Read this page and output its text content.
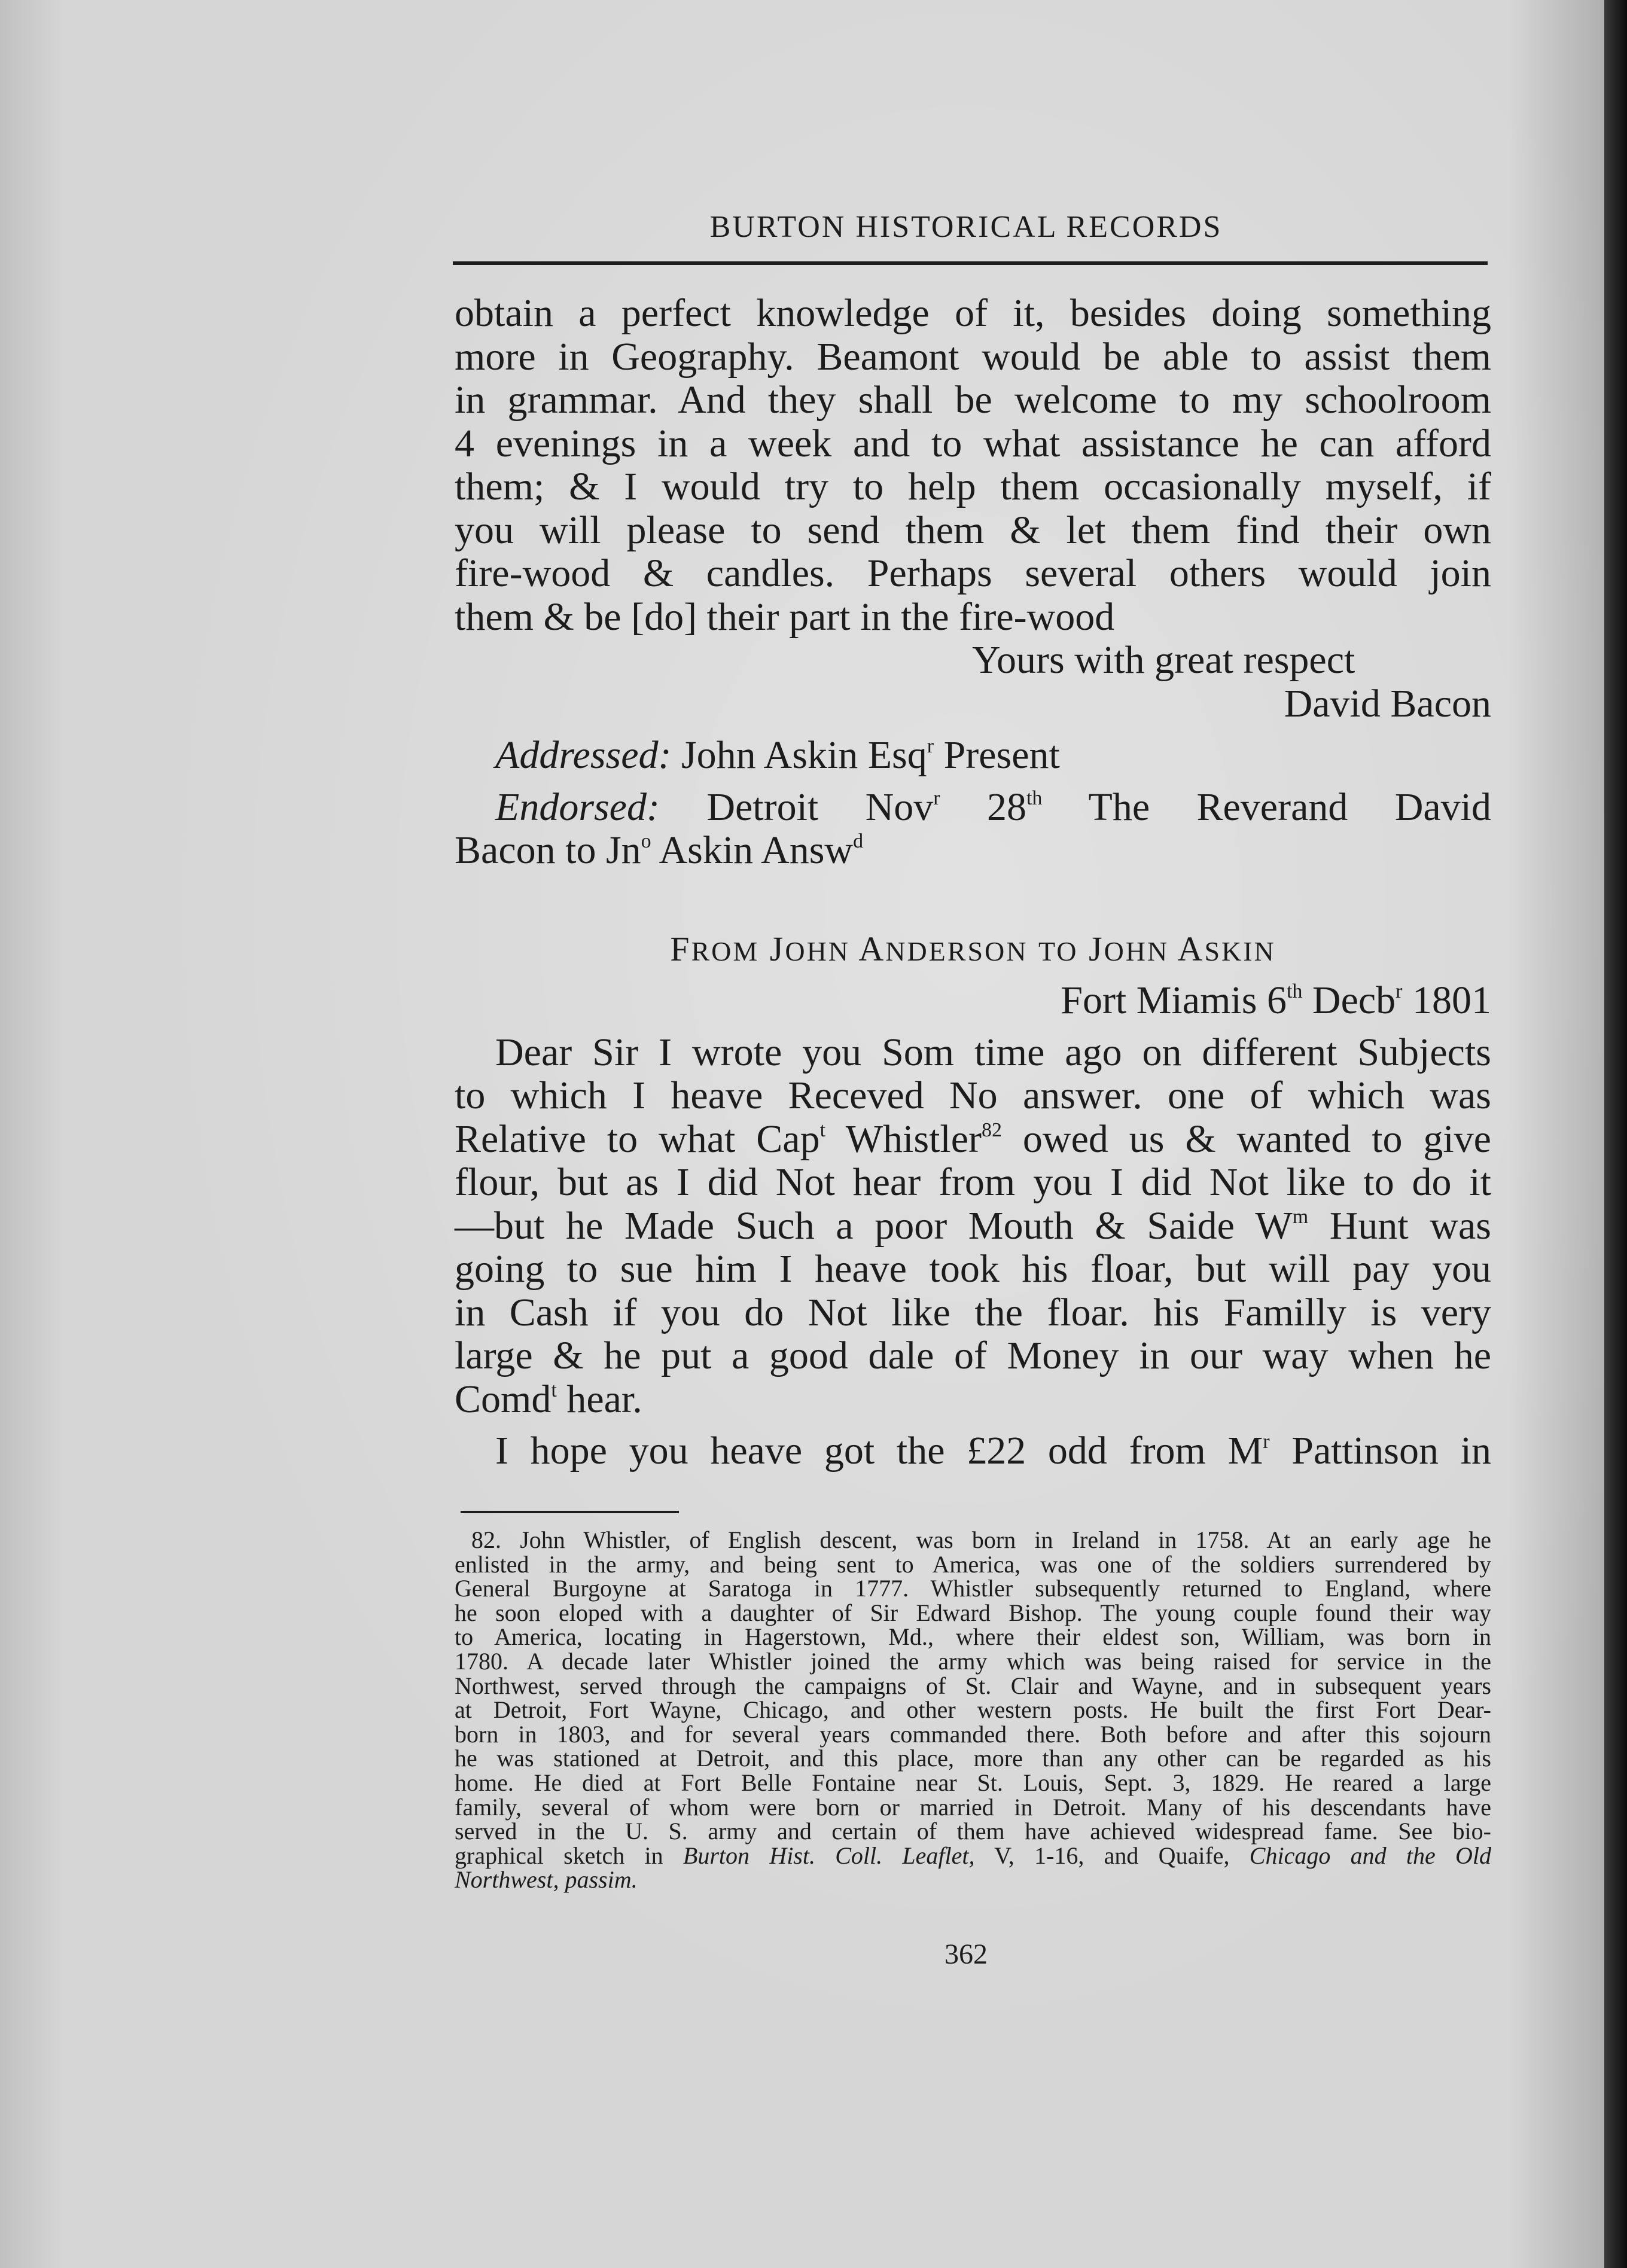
BURTON HISTORICAL RECORDS
obtain a perfect knowledge of it, besides doing something
more in Geography. Beamont would be able to assist them
in grammar. And they shall be welcome to my schoolroom
4 evenings in a week and to what assistance he can afford
them; & I would try to help them occasionally myself, if
you will please to send them & let them find their own
fire-wood & candles. Perhaps several others would join
them & be [do] their part in the fire-wood
Yours with great respect
David Bacon
Addressed: John Askin Esq$^r$ Present
Endorsed: Detroit Nov$^r$ 28th The Reverand David
Bacon to Jn$^o$ Askin Answ$^d$
FROM JOHN ANDERSON TO JOHN ASKIN
Fort Miamis 6th Decb$^r$ 1801
Dear Sir I wrote you Som time ago on different Subjects
to which I heave Receved No answer. one of which was
Relative to what Cap$^t$ Whistler$^{82}$ owed us & wanted to give
flour, but as I did Not hear from you I did Not like to do it
—but he Made Such a poor Mouth & Saide $W^m$ Hunt was
going to sue him I heave took his floar, but will pay you
in Cash if you do Not like the floar. his Familly is very
large & he put a good dale of Money in our way when he
Comd$^t$ hear.
I hope you heave got the £22 odd from $M^r$ Pattinson in
82. John Whistler, of English descent, was born in Ireland in 1758. At an early age he
enlisted in the army, and being sent to America, was one of the soldiers surrendered by
General Burgoyne at Saratoga in 1777. Whistler subsequently returned to England, where
he soon eloped with a daughter of Sir Edward Bishop. The young couple found their way
to America, locating in Hagerstown, Md., where their eldest son, William, was born in
1780. A decade later Whistler joined the army which was being raised for service in the
Northwest, served through the campaigns of St. Clair and Wayne, and in subsequent years
at Detroit, Fort Wayne, Chicago, and other western posts. He built the first Fort Dear-
born in 1803, and for several years commanded there. Both before and after this sojourn
he was stationed at Detroit, and this place, more than any other can be regarded as his
home. He died at Fort Belle Fontaine near St. Louis, Sept. 3, 1829. He reared a large
family, several of whom were born or married in Detroit. Many of his descendants have
served in the U. S. army and certain of them have achieved widespread fame. See bio-
graphical sketch in Burton Hist. Coll. Leaflet, V, 1-16, and Quaife, Chicago and the Old
Northwest, passim.
362
